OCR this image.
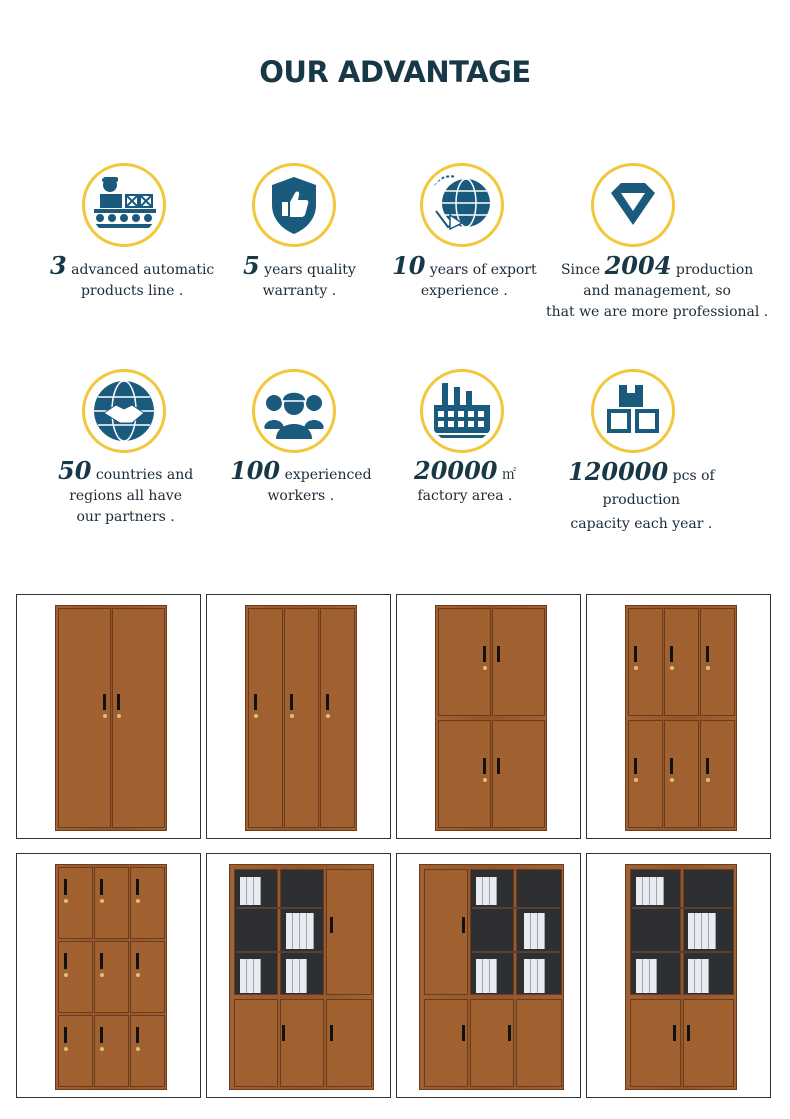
OUR ADVANTAGE
3 advanced automatic
products line .
5 years quality
warranty .
10 years of export
experience .
Since 2004 production
and management, so
that we are more professional .
50 countries and
regions all have
our partners .
100 experienced
workers .
20000 ㎡
factory area .
120000 pcs of
production
capacity each year .
